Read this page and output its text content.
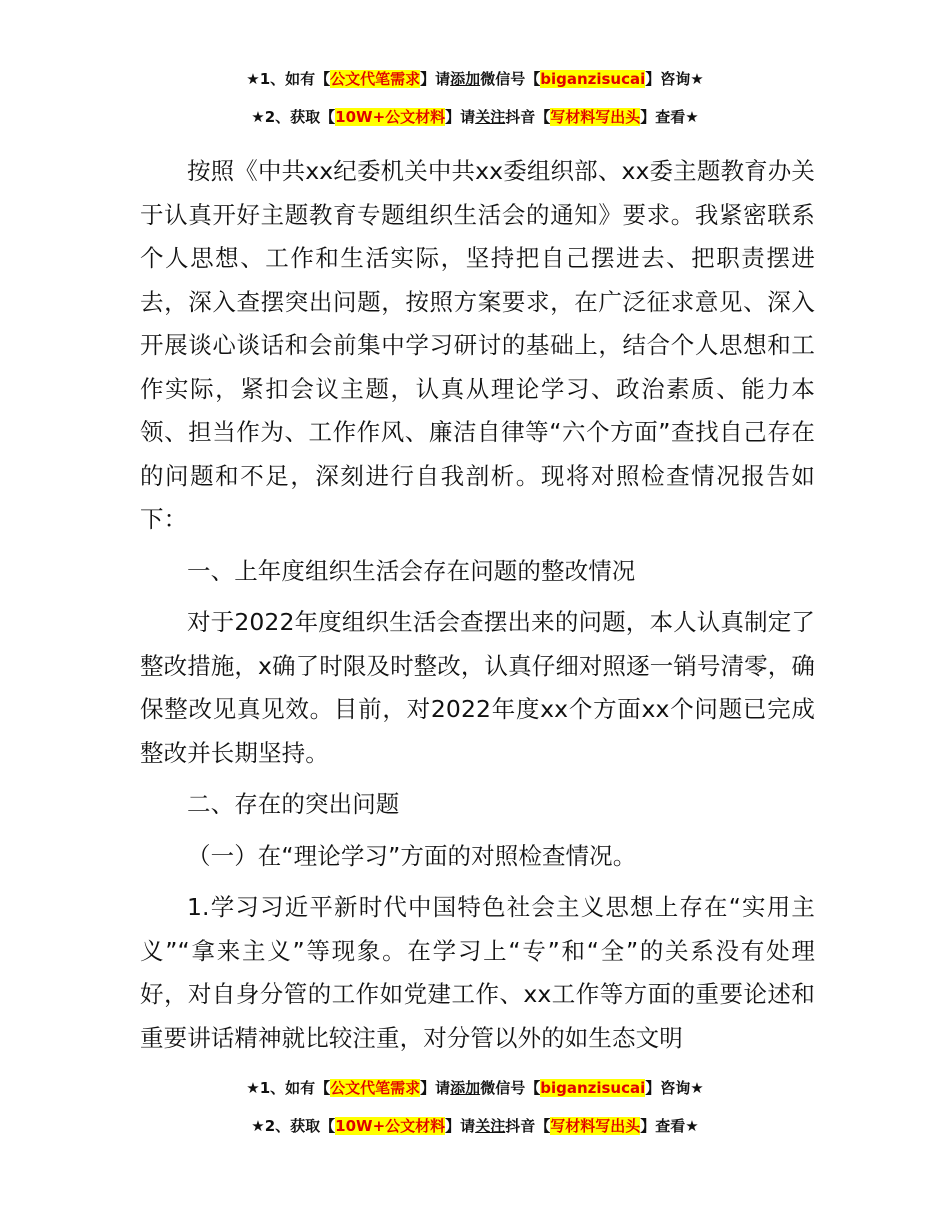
★1、如有【公文代笔需求】请添加微信号【biganzisucai】咨询★
★2、获取【10W+公文材料】请关注抖音【写材料写出头】查看★

按照《中共xx纪委机关中共xx委组织部、xx委主题教育办关于认真开好主题教育专题组织生活会的通知》要求。我紧密联系个人思想、工作和生活实际，坚持把自己摆进去、把职责摆进去，深入查摆突出问题，按照方案要求，在广泛征求意见、深入开展谈心谈话和会前集中学习研讨的基础上，结合个人思想和工作实际，紧扣会议主题，认真从理论学习、政治素质、能力本领、担当作为、工作作风、廉洁自律等“六个方面”查找自己存在的问题和不足，深刻进行自我剖析。现将对照检查情况报告如下：

一、上年度组织生活会存在问题的整改情况

对于2022年度组织生活会查摆出来的问题，本人认真制定了整改措施，x确了时限及时整改，认真仔细对照逐一销号清零，确保整改见真见效。目前，对2022年度xx个方面xx个问题已完成整改并长期坚持。

二、存在的突出问题

（一）在“理论学习”方面的对照检查情况。

1.学习习近平新时代中国特色社会主义思想上存在“实用主义”“拿来主义”等现象。在学习上“专”和“全”的关系没有处理好，对自身分管的工作如党建工作、xx工作等方面的重要论述和重要讲话精神就比较注重，对分管以外的如生态文明

★1、如有【公文代笔需求】请添加微信号【biganzisucai】咨询★
★2、获取【10W+公文材料】请关注抖音【写材料写出头】查看★
